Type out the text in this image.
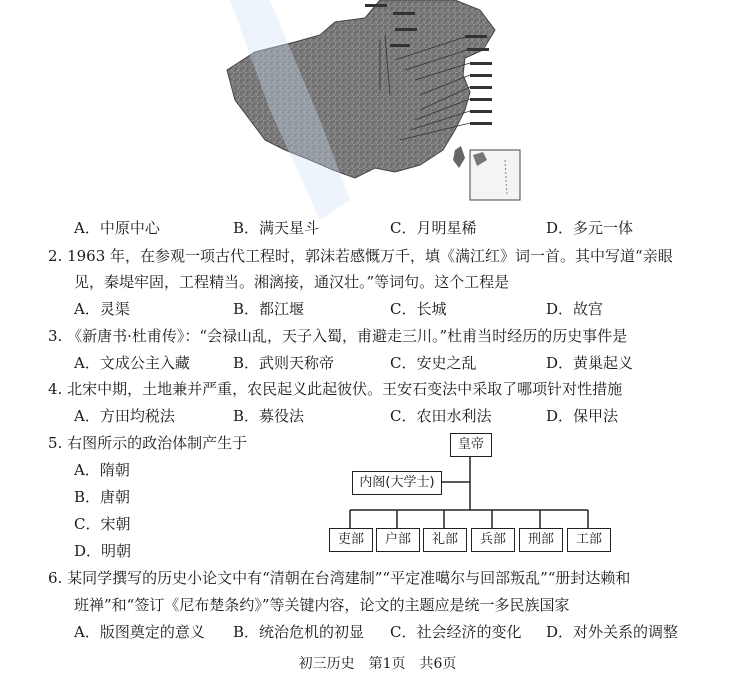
A．中原中心	B．满天星斗	C．月明星稀	D．多元一体
2. 1963 年，在参观一项古代工程时，郭沫若感慨万千，填《满江红》词一首。其中写道“亲眼
见，秦堤牢固，工程精当。湘漓接，通汉壮。”等词句。这个工程是
A．灵渠	B．都江堰	C．长城	D．故宫
3. 《新唐书·杜甫传》：“会禄山乱，天子入蜀，甫避走三川。”杜甫当时经历的历史事件是
A．文成公主入藏	B．武则天称帝	C．安史之乱	D．黄巢起义
4. 北宋中期，土地兼并严重，农民起义此起彼伏。王安石变法中采取了哪项针对性措施
A．方田均税法	B．募役法	C．农田水利法	D．保甲法
5. 右图所示的政治体制产生于
A．隋朝
B．唐朝
C．宋朝
D．明朝
皇帝
内阁(大学士)
吏部	户部	礼部	兵部	刑部	工部
6. 某同学撰写的历史小论文中有“清朝在台湾建制”“平定准噶尔与回部叛乱”“册封达赖和
班禅”和“签订《尼布楚条约》”等关键内容，论文的主题应是统一多民族国家
A．版图奠定的意义 B．统治危机的初显 C．社会经济的变化 D．对外关系的调整
初三历史　第1页　共6页
